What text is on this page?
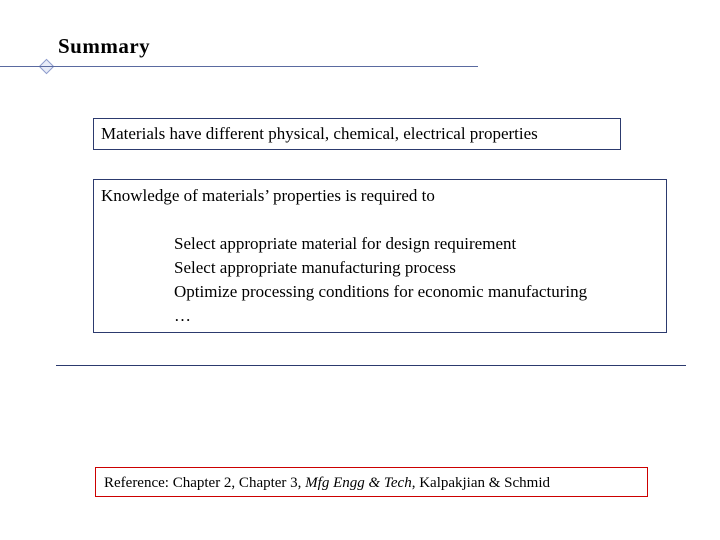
Summary
Materials have different physical, chemical, electrical properties
Knowledge of materials’ properties is required to
Select appropriate material for design requirement
Select appropriate manufacturing process
Optimize processing conditions for economic manufacturing
…
Reference: Chapter 2, Chapter 3, Mfg Engg & Tech, Kalpakjian & Schmid
